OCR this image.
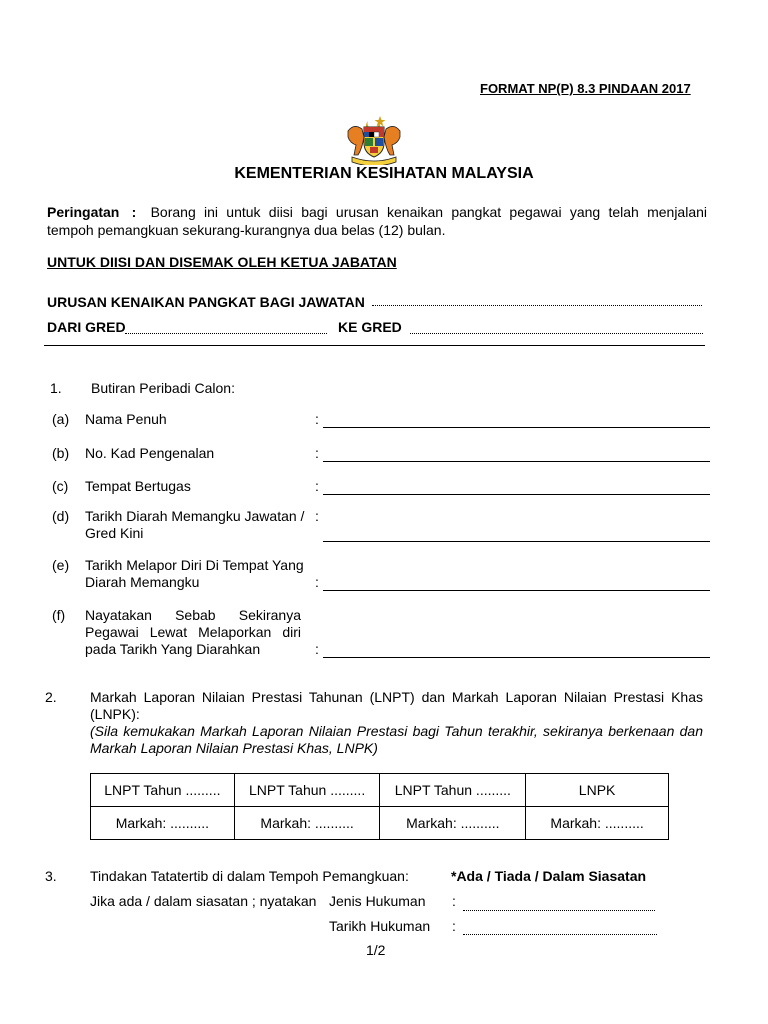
FORMAT NP(P) 8.3 PINDAAN 2017
KEMENTERIAN KESIHATAN MALAYSIA
Peringatan : Borang ini untuk diisi bagi urusan kenaikan pangkat pegawai yang telah menjalani
tempoh pemangkuan sekurang-kurangnya dua belas (12) bulan.
UNTUK DIISI DAN DISEMAK OLEH KETUA JABATAN
URUSAN KENAIKAN PANGKAT BAGI JAWATAN
DARI GRED	KE GRED
1. Butiran Peribadi Calon:
(a) Nama Penuh	:
(b) No. Kad Pengenalan	:
(c) Tempat Bertugas	:
(d) Tarikh Diarah Memangku Jawatan /
Gred Kini
:
(e) Tarikh Melapor Diri Di Tempat Yang
Diarah Memangku	:
(f) Nayatakan Sebab Sekiranya
Pegawai Lewat Melaporkan diri
pada Tarikh Yang Diarahkan	:
2. Markah Laporan Nilaian Prestasi Tahunan (LNPT) dan Markah Laporan Nilaian Prestasi Khas
(LNPK):
(Sila kemukakan Markah Laporan Nilaian Prestasi bagi Tahun terakhir, sekiranya berkenaan dan
Markah Laporan Nilaian Prestasi Khas, LNPK)
LNPT Tahun .........	LNPT Tahun .........	LNPT Tahun .........	LNPK
Markah: ..........	Markah: ..........	Markah: ..........	Markah: ..........
3. Tindakan Tatatertib di dalam Tempoh Pemangkuan :	*Ada / Tiada / Dalam Siasatan
Jika ada / dalam siasatan ; nyatakan Jenis Hukuman :
Tarikh Hukuman :
1/2
